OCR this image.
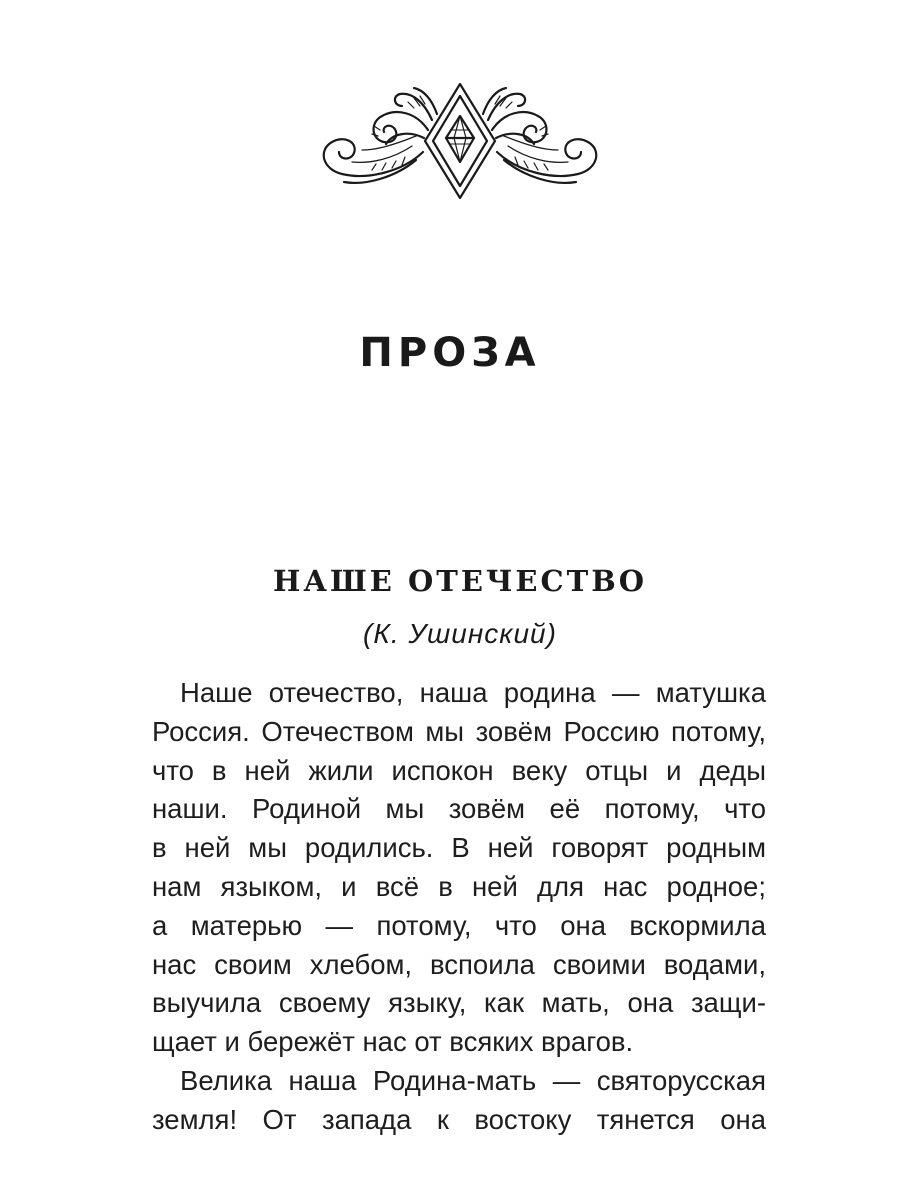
ПРОЗА
НАШЕ ОТЕЧЕСТВО
(К. Ушинский)
Наше отечество, наша родина — матушка
Россия. Отечеством мы зовём Россию потому,
что в ней жили испокон веку отцы и деды
наши. Родиной мы зовём её потому, что
в ней мы родились. В ней говорят родным
нам языком, и всё в ней для нас родное;
а матерью — потому, что она вскормила
нас своим хлебом, вспоила своими водами,
выучила своему языку, как мать, она защи-
щает и бережёт нас от всяких врагов.
Велика наша Родина-мать — святорусская
земля! От запада к востоку тянется она
